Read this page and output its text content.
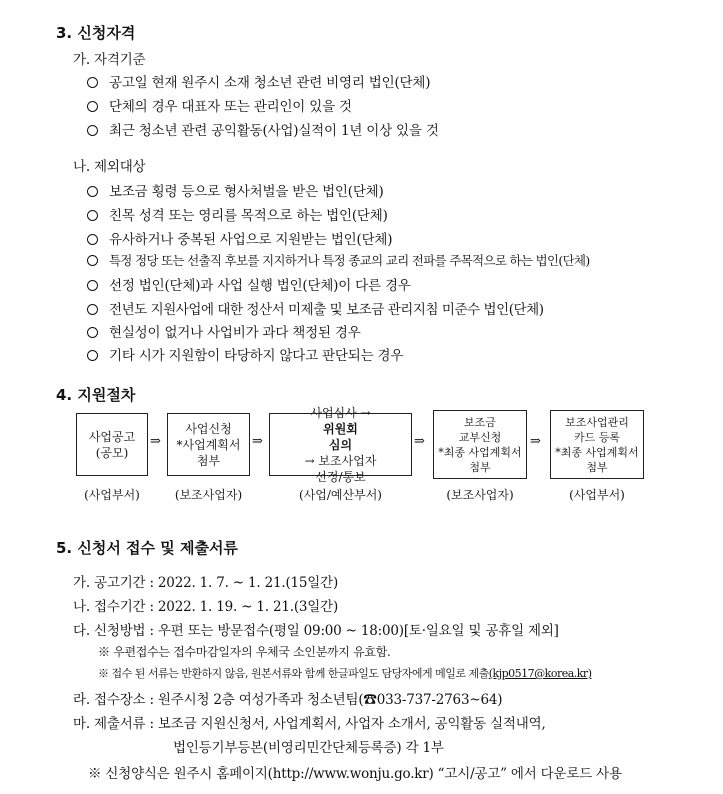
3. 신청자격
가. 자격기준
공고일 현재 원주시 소재 청소년 관련 비영리 법인(단체)
단체의 경우 대표자 또는 관리인이 있을 것
최근 청소년 관련 공익활동(사업)실적이 1년 이상 있을 것
나. 제외대상
보조금 횡령 등으로 형사처벌을 받은 법인(단체)
친목 성격 또는 영리를 목적으로 하는 법인(단체)
유사하거나 중복된 사업으로 지원받는 법인(단체)
특정 정당 또는 선출직 후보를 지지하거나 특정 종교의 교리 전파를 주목적으로 하는 법인(단체)
선정 법인(단체)과 사업 실행 법인(단체)이 다른 경우
전년도 지원사업에 대한 정산서 미제출 및 보조금 관리지침 미준수 법인(단체)
현실성이 없거나 사업비가 과다 책정된 경우
기타 시가 지원함이 타당하지 않다고 판단되는 경우
4. 지원절차
사업공고
(공모)
⇒
사업신청
*사업계획서
첨부
⇒
사업심사 →
위원회
심의
→ 보조사업자
선정/통보
⇒
보조금
교부신청
*최종 사업계획서
첨부
⇒
보조사업관리
카드 등록
*최종 사업계획서
첨부
(사업부서)	(보조사업자)	(사업/예산부서)	(보조사업자)	(사업부서)
5. 신청서 접수 및 제출서류
가. 공고기간 : 2022. 1. 7. ~ 1. 21.(15일간)
나. 접수기간 : 2022. 1. 19. ~ 1. 21.(3일간)
다. 신청방법 : 우편 또는 방문접수(평일 09:00 ~ 18:00)[토·일요일 및 공휴일 제외]
※ 우편접수는 접수마감일자의 우체국 소인분까지 유효함.
※ 접수 된 서류는 반환하지 않음, 원본서류와 함께 한글파일도 담당자에게 메일로 제출(kjp0517@korea.kr)
라. 접수장소 : 원주시청 2층 여성가족과 청소년팀(☎033-737-2763~64)
마. 제출서류 : 보조금 지원신청서, 사업계획서, 사업자 소개서, 공익활동 실적내역,
법인등기부등본(비영리민간단체등록증) 각 1부
※ 신청양식은 원주시 홈페이지(http://www.wonju.go.kr) “고시/공고” 에서 다운로드 사용
